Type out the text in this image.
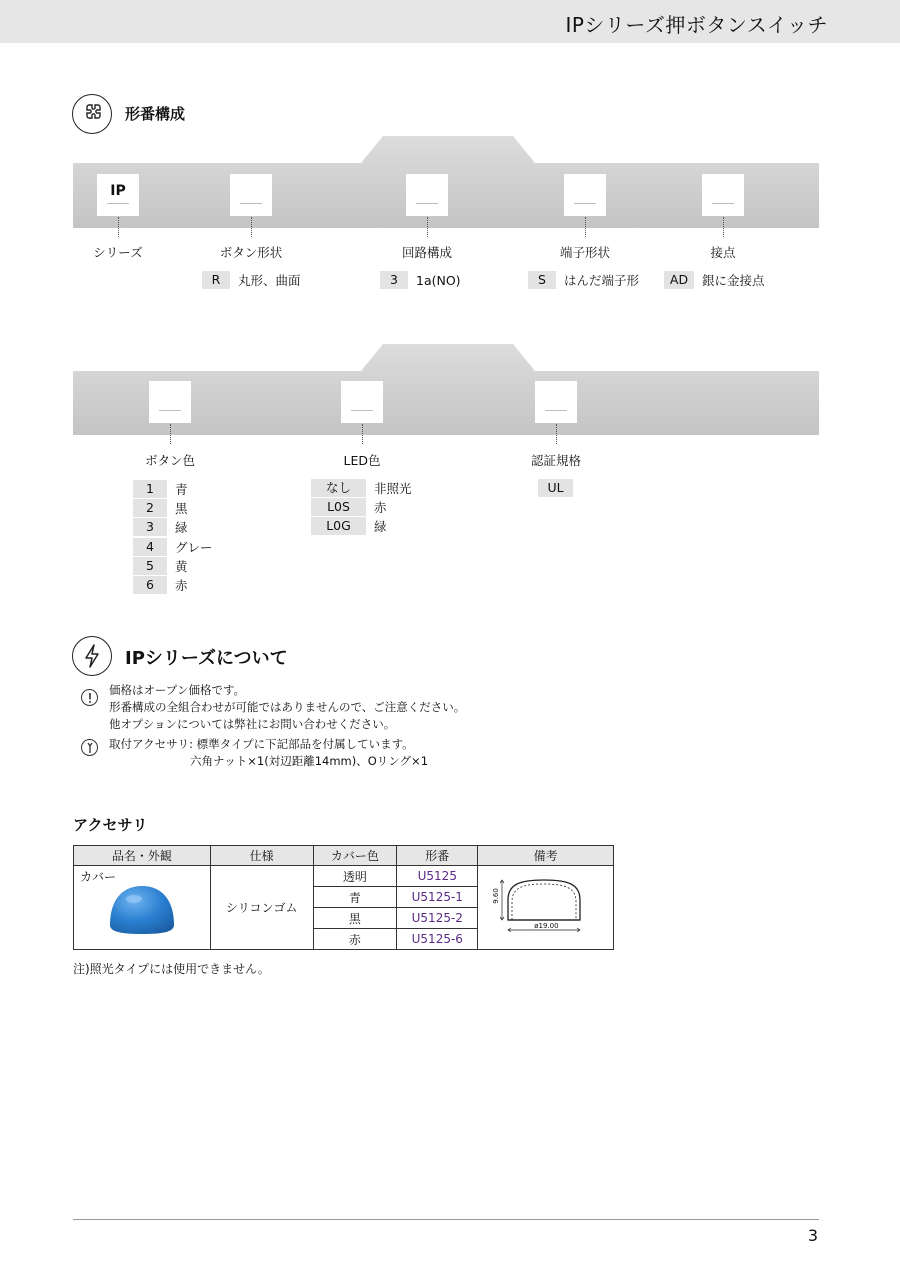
IPシリーズ押ボタンスイッチ
形番構成
IP
シリーズ	ボタン形状	回路構成	端子形状	接点
R	丸形、曲面	3	1a(NO)	S	はんだ端子形	AD	銀に金接点
ボタン色	LED色	認証規格
1	青
2	黒
3	緑
4	グレー
5	黄
6	赤
なし	非照光
L0S	赤
L0G	緑
UL
IPシリーズについて
価格はオープン価格です。
形番構成の全組合わせが可能ではありませんので、ご注意ください。
他オプションについては弊社にお問い合わせください。
取付アクセサリ: 標準タイプに下記部品を付属しています。
六角ナット×1(対辺距離14mm)、Oリング×1
アクセサリ
品名・外観	仕様	カバー色	形番	備考

カバー	シリコンゴム	透明	U5125	9.60
ø19.00

		青	U5125-1	
		黒	U5125-2	
		赤	U5125-6	
注)照光タイプには使用できません。
3
